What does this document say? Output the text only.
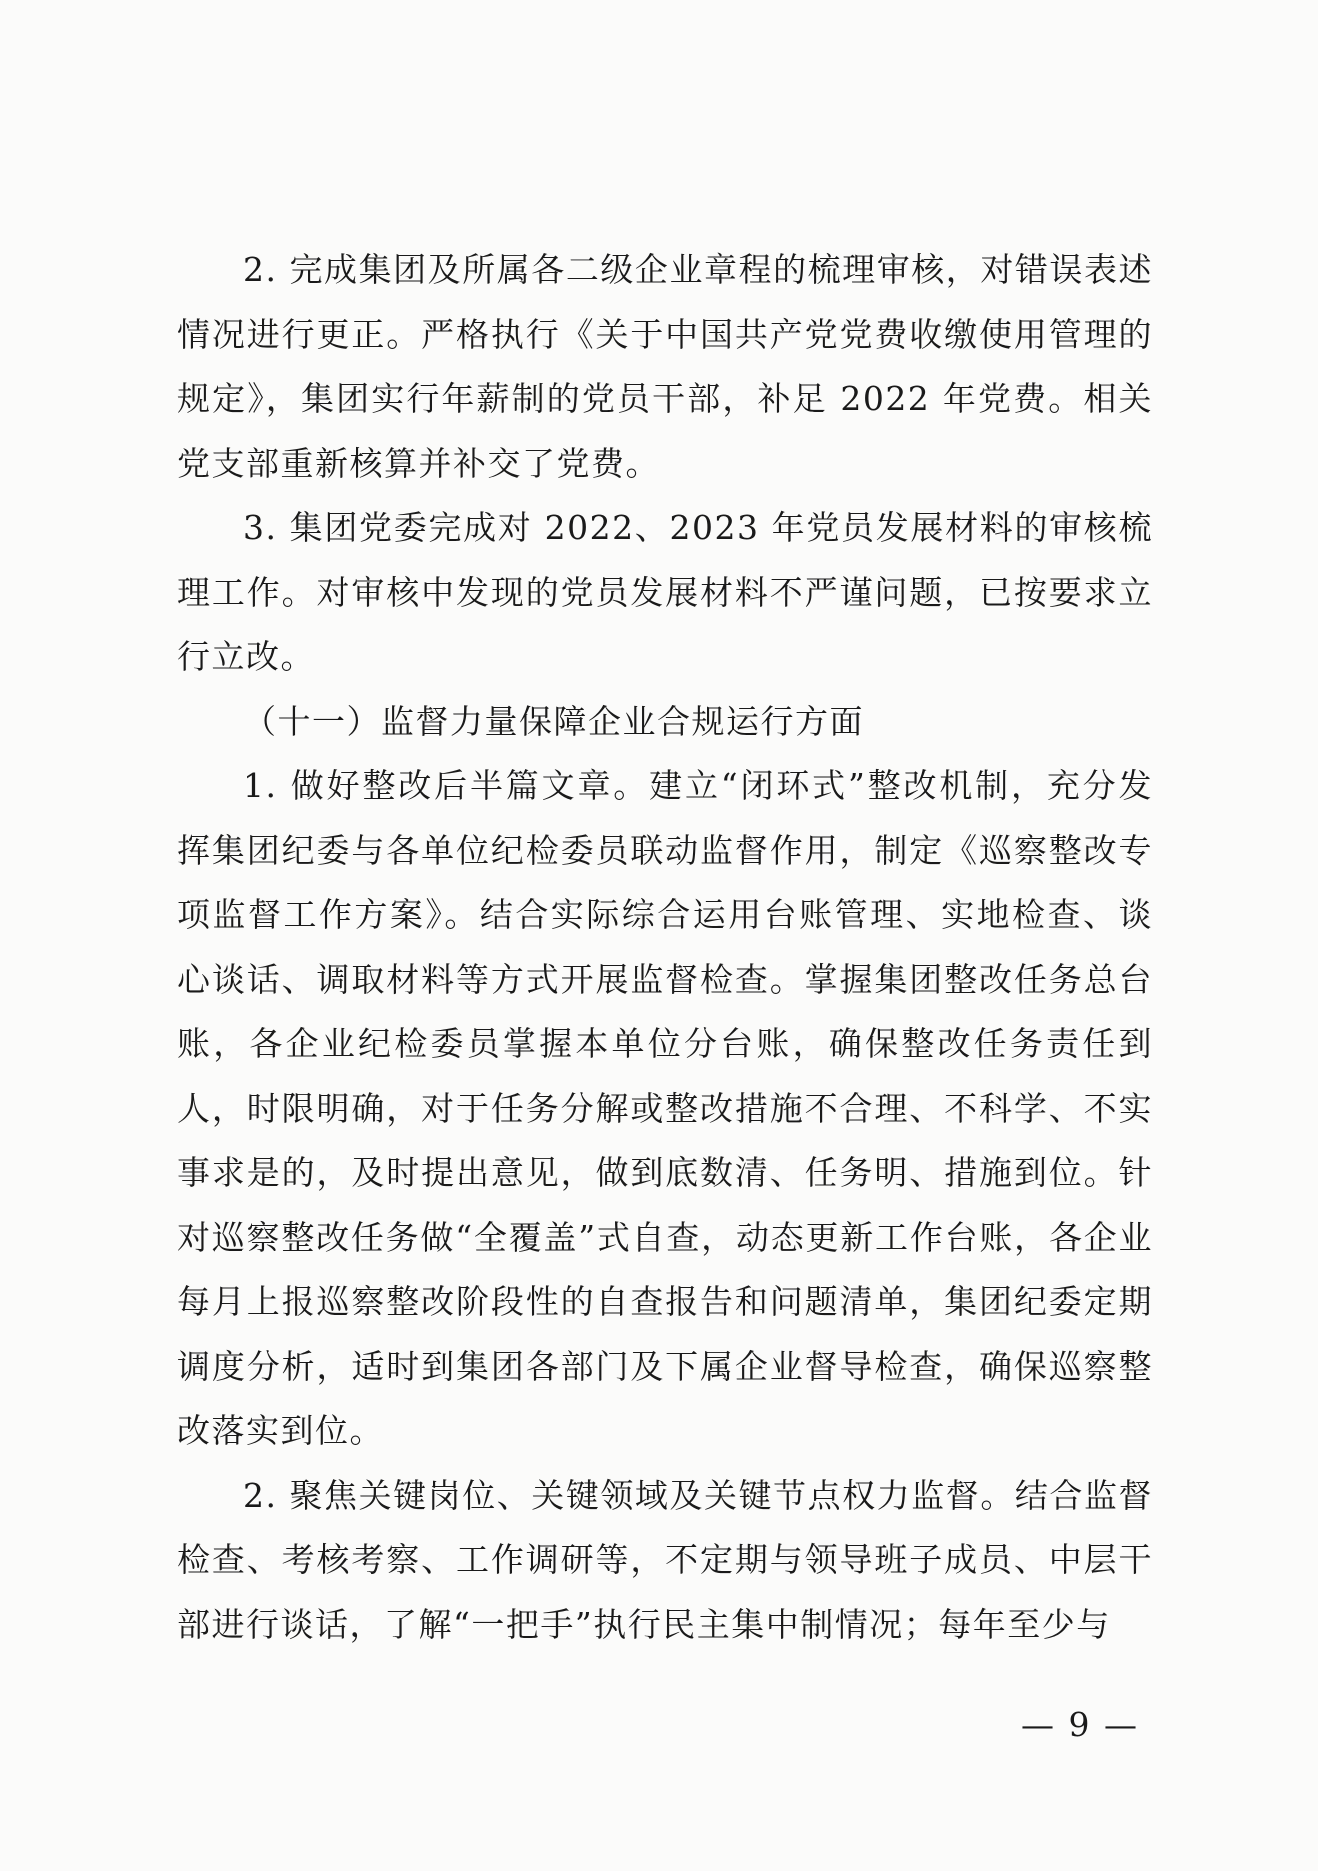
2. 完成集团及所属各二级企业章程的梳理审核，对错误表述情况进行更正。严格执行《关于中国共产党党费收缴使用管理的规定》，集团实行年薪制的党员干部，补足 2022 年党费。相关党支部重新核算并补交了党费。

3. 集团党委完成对 2022、2023 年党员发展材料的审核梳理工作。对审核中发现的党员发展材料不严谨问题，已按要求立行立改。

（十一）监督力量保障企业合规运行方面

1. 做好整改后半篇文章。建立“闭环式”整改机制，充分发挥集团纪委与各单位纪检委员联动监督作用，制定《巡察整改专项监督工作方案》。结合实际综合运用台账管理、实地检查、谈心谈话、调取材料等方式开展监督检查。掌握集团整改任务总台账，各企业纪检委员掌握本单位分台账，确保整改任务责任到人，时限明确，对于任务分解或整改措施不合理、不科学、不实事求是的，及时提出意见，做到底数清、任务明、措施到位。针对巡察整改任务做“全覆盖”式自查，动态更新工作台账，各企业每月上报巡察整改阶段性的自查报告和问题清单，集团纪委定期调度分析，适时到集团各部门及下属企业督导检查，确保巡察整改落实到位。

2. 聚焦关键岗位、关键领域及关键节点权力监督。结合监督检查、考核考察、工作调研等，不定期与领导班子成员、中层干部进行谈话，了解“一把手”执行民主集中制情况；每年至少与

— 9 —
